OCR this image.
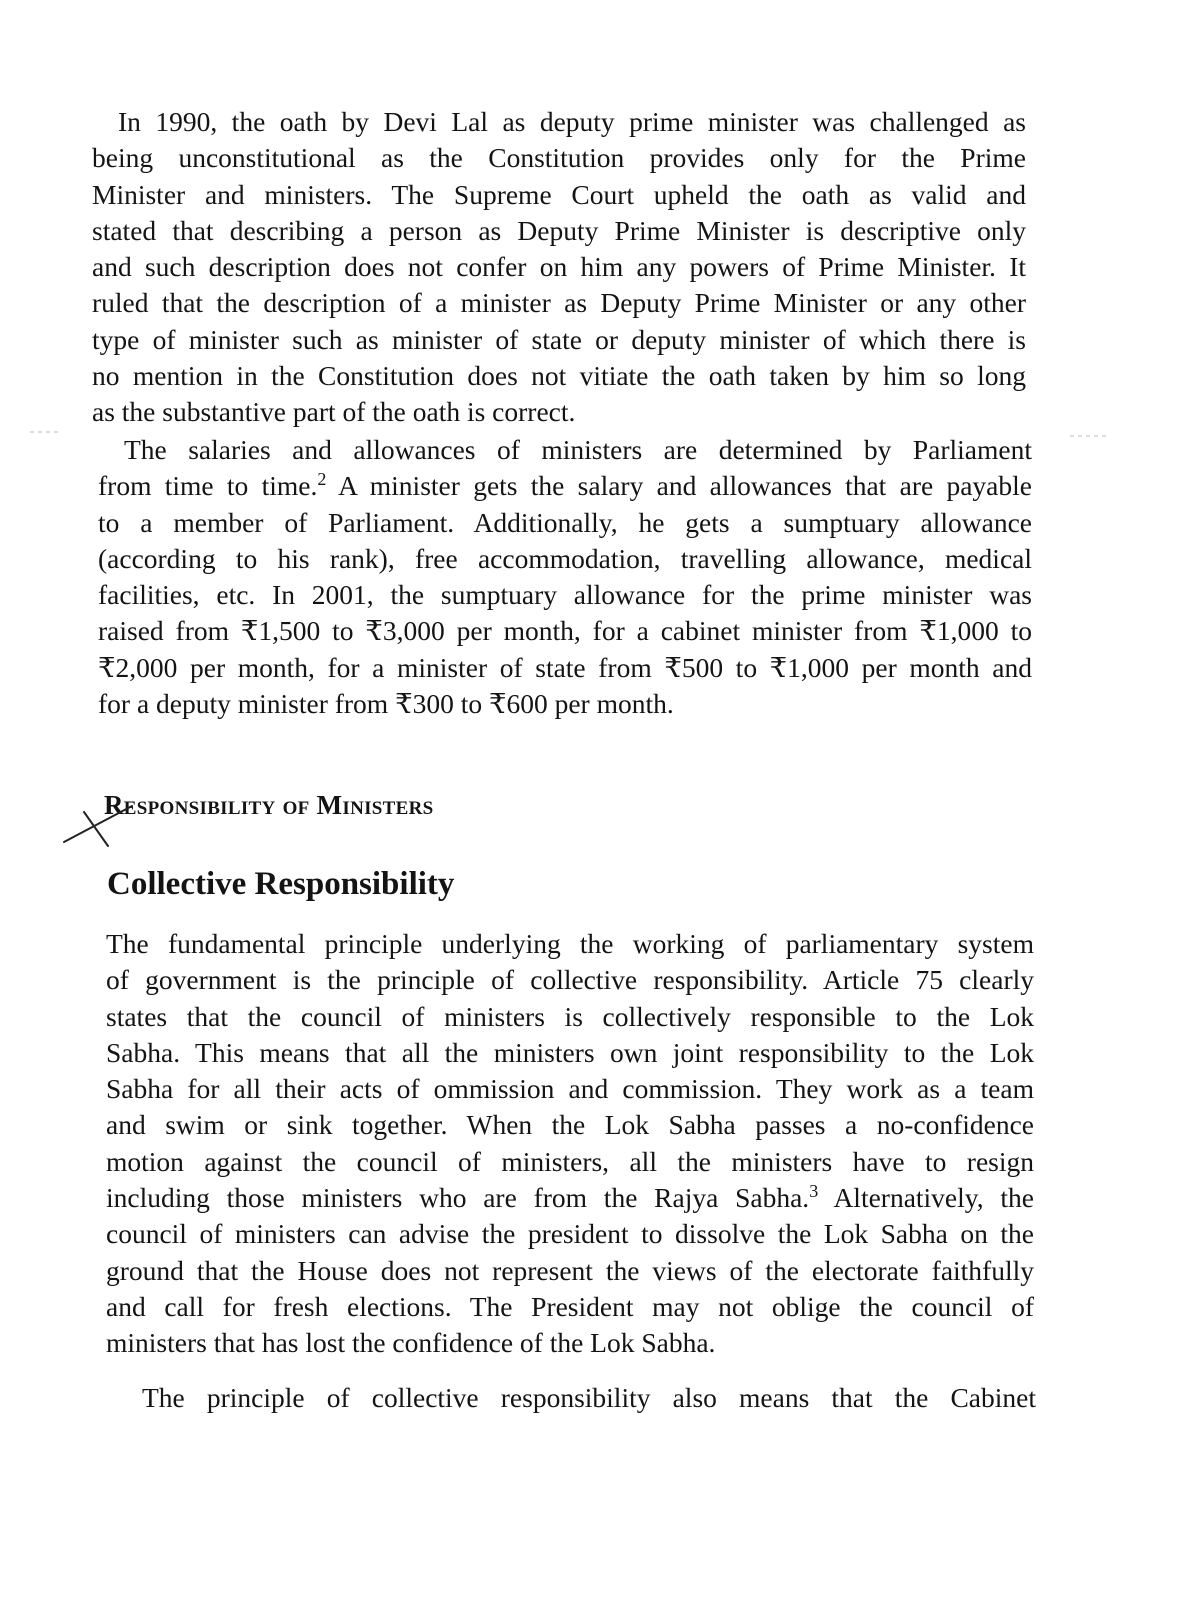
In 1990, the oath by Devi Lal as deputy prime minister was challenged as
being unconstitutional as the Constitution provides only for the Prime
Minister and ministers. The Supreme Court upheld the oath as valid and
stated that describing a person as Deputy Prime Minister is descriptive only
and such description does not confer on him any powers of Prime Minister. It
ruled that the description of a minister as Deputy Prime Minister or any other
type of minister such as minister of state or deputy minister of which there is
no mention in the Constitution does not vitiate the oath taken by him so long
as the substantive part of the oath is correct.
The salaries and allowances of ministers are determined by Parliament
from time to time.$^2$ A minister gets the salary and allowances that are payable
to a member of Parliament. Additionally, he gets a sumptuary allowance
(according to his rank), free accommodation, travelling allowance, medical
facilities, etc. In 2001, the sumptuary allowance for the prime minister was
raised from ₹1,500 to ₹3,000 per month, for a cabinet minister from ₹1,000 to
₹2,000 per month, for a minister of state from ₹500 to ₹1,000 per month and
for a deputy minister from ₹300 to ₹600 per month.
Responsibility of Ministers
Collective Responsibility
The fundamental principle underlying the working of parliamentary system
of government is the principle of collective responsibility. Article 75 clearly
states that the council of ministers is collectively responsible to the Lok
Sabha. This means that all the ministers own joint responsibility to the Lok
Sabha for all their acts of ommission and commission. They work as a team
and swim or sink together. When the Lok Sabha passes a no-confidence
motion against the council of ministers, all the ministers have to resign
including those ministers who are from the Rajya Sabha.$^3$ Alternatively, the
council of ministers can advise the president to dissolve the Lok Sabha on the
ground that the House does not represent the views of the electorate faithfully
and call for fresh elections. The President may not oblige the council of
ministers that has lost the confidence of the Lok Sabha.
The principle of collective responsibility also means that the Cabinet
